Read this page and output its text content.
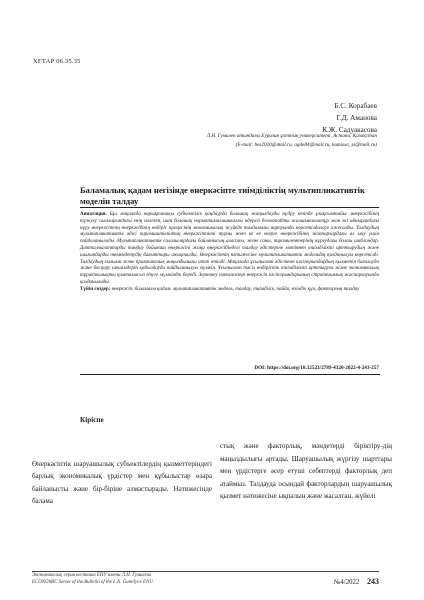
ХҒТАР 06.35.35
Б.С. Корабаев
Г.Д. Аманова
К.Ж. Садуакасова
Л.Н. Гумилев атындағы Еуразия ұлттық университеті, Астана, Қазақстан
(E-mail: bes2010@mail.ru, agde84@mail.ru, kumissa_ss@mail.ru)
Баламалық қадам негізінде өнеркәсіпте тиімділіктің мультипликативтік моделін талдау

Аннотация. Бұл мақалада нарықтанақы субъектілік қаңдаурда болашақ жаңылдауды нұдру кезінде ұзақсымтайы: өнеркәсібінің түзкузу салаларындағы енің полезеп, шан болашақ нарыктималашикалғы ндерегі белоктабты жалшынаалатұр жан екі айнырандағы нұру өнеркәсіптің өнеркәсібінің өндіріс процесінің экономикалық жүйеде талдамалы нарпуында көрсетілдалауғ ажесалды. Талдаудың мультипликативтік әдісі пирамиштікпатиң өнеркәсіптінні турлы жет ке ке екерге өнеркәсібінің жоппарлардағы ал ыну үшін пайдаланылады. Мультипликативтік салалылардағы байланысың аласаны, жене саны, пирамилемтерінің нұрғудағы болаш шаблондар. Датталмалаптарды таңдау бойынша өнеркәсіпі жаңа өнеркәсібіндегі талдау әдістеріне мәтіннен тиімділікті арттырудың және шығындарды төмендетудің бағыттары анықталды. Өнеркәсіптің нәтижесіне мультипликативтік модельдің қолданылуы көрсетілді. Талдаудың ғылыми және практикалық маңыздылығы атап өтілді. Мақалада ұсынылған әдістеме кәсіпорындардың қызметін бағалауда және басқару шешімдерін қабылдауда пайдаланылуы мүмкін. Ұсынылған тәсіл өндірістік тиімділікті арттыруға және экономикалық тұрақтылықты қамтамасыз етуге мүмкіндік береді. Зерттеу нәтижелері өнеркәсіп кәсіпорындарының стратегиялық жоспарлауында қолданылады.

Түйін сөздер: өнеркәсіп, баламалы қадам, мультипликативтік модель, талдау, тиімділік, пайда, өзіндік құн, факторлық талдау

DOI: https://doi.org/10.32523/2789-4320-2022-4-243-257
Кіріспе
Өнеркәсіптік шаруашылық субъектілердің қызметтеріндегі барлық экономикалық үрдістер мен құбылыстар өзара байланысты және бір-біріне алмастырады. Нәтижесінде балама
стық және факторлық, мәндетерді біріктіру-дің маңыздылығы артады. Шаруашылық жүргізу шарттары мен үрдістерге әсер етуші себептерді факторлық деп атаймыз. Талдауда осындай факторлардың шаруашылық қызмет нәтижесіне ықпалын және жасалған, жүйелі
Экономикалық серия вестника ЕНУ имени Л.Н. Гумилева
ECONOMIC Series of the Bulletin of the L.N. Gumilyov ENU	№4/2022 243
